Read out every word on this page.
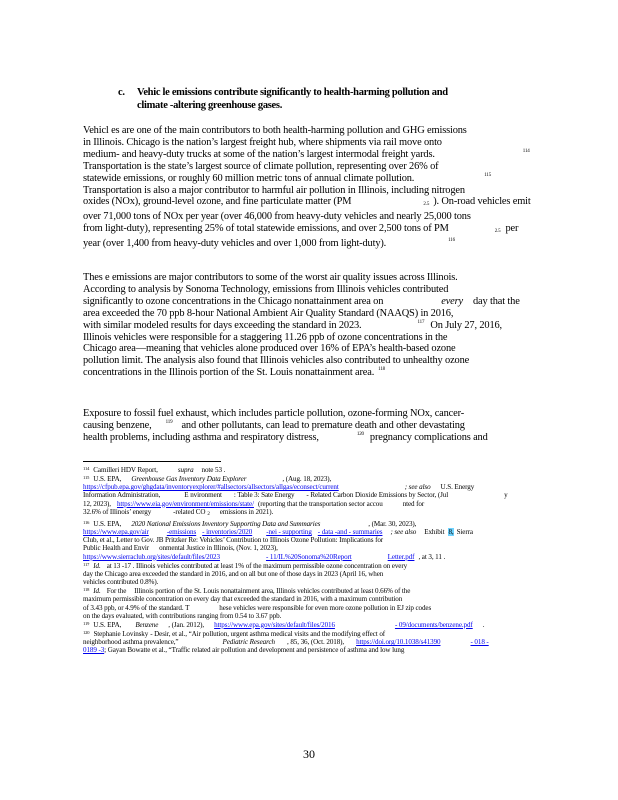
c.	Vehic le emissions contribute significantly to health-harming pollution and
climate -altering greenhouse gases.
Vehicl es are one of the main contributors to both health-harming pollution and GHG emissions
in Illinois. Chicago is the nation’s largest freight hub, where shipments via rail move onto
medium- and heavy-duty trucks at some of the nation’s largest intermodal freight yards.	$^{114}$
Transportation is the state’s largest source of climate pollution, representing over 26% of
statewide emissions, or roughly 60 million metric tons of annual climate pollution.	$^{115}$
Transportation is also a major contributor to harmful air pollution in Illinois, including nitrogen
oxides (NOx), ground-level ozone, and fine particulate matter (PM	$_{2.5}$ ). On-road vehicles emit
over 71,000 tons of NOx per year (over 46,000 from heavy-duty vehicles and nearly 25,000 tons
from light-duty), representing 25% of total statewide emissions, and over 2,500 tons of PM	$_{2.5}$ per
year (over 1,400 from heavy-duty vehicles and over 1,000 from light-duty).	$^{116}$
Thes e emissions are major contributors to some of the worst air quality issues across Illinois.
According to analysis by Sonoma Technology, emissions from Illinois vehicles contributed
significantly to ozone concentrations in the Chicago nonattainment area on	every day that the
area exceeded the 70 ppb 8-hour National Ambient Air Quality Standard (NAAQS) in 2016,
with similar modeled results for days exceeding the standard in 2023.	$^{117}$ On July 27, 2016,
Illinois vehicles were responsible for a staggering 11.26 ppb of ozone concentrations in the
Chicago area—meaning that vehicles alone produced over 16% of EPA’s health-based ozone
pollution limit. The analysis also found that Illinois vehicles also contributed to unhealthy ozone
concentrations in the Illinois portion of the St. Louis nonattainment area. $^{118}$
Exposure to fossil fuel exhaust, which includes particle pollution, ozone-forming NOx, cancer-
causing benzene,	$^{119}$ and other pollutants, can lead to premature death and other devastating
health problems, including asthma and respiratory distress,	$^{120}$ pregnancy complications and
$^{114}$ Camilleri HDV Report,	supra note 53 .
$^{115}$ U.S. EPA, Greenhouse Gas Inventory Data Explorer	, (Aug. 18, 2023),
https://cfpub.epa.gov/ghgdata/inventoryexplorer/#allsectors/allsectors/allgas/econsect/current	; see also U.S. Energy
Information Administration,	E nvironment : Table 3: Sate Energy - Related Carbon Dioxide Emissions by Sector, (Jul	y
12, 2023), https://www.eia.gov/environment/emissions/state/ (reporting that the transportation sector accou	nted for
32.6% of Illinois’ energy	-related CO $_2$ emissions in 2021).
$^{116}$ U.S. EPA, 2020 National Emissions Inventory Supporting Data and Summaries	, (Mar. 30, 2023),
https://www.epa.gov/air	-emissions - inventories/2020 -nei - supporting - data -and - summaries ; see also Exhibit 8, Sierra
Club, et al., Letter to Gov. JB Pritzker Re: Vehicles’ Contribution to Illinois Ozone Pollution: Implications for
Public Health and Envir onmental Justice in Illinois, (Nov. 1, 2023),
https://www.sierraclub.org/sites/default/files/2023	- 11/IL%20Sonoma%20Report	Letter.pdf , at 3, 11 .
$^{117}$ Id. at 13 -17 . Illinois vehicles contributed at least 1% of the maximum permissible ozone concentration on every
day the Chicago area exceeded the standard in 2016, and on all but one of those days in 2023 (April 16, when
vehicles contributed 0.8%).
$^{118}$ Id. For the Illinois portion of the St. Louis nonattainment area, Illinois vehicles contributed at least 0.66% of the
maximum permissible concentration on every day that exceeded the standard in 2016, with a maximum contribution
of 3.43 ppb, or 4.9% of the standard. T	hese vehicles were responsible for even more ozone pollution in EJ zip codes
on the days evaluated, with contributions ranging from 0.54 to 3.67 ppb.
$^{119}$ U.S. EPA, Benzene , (Jan. 2012), https://www.epa.gov/sites/default/files/2016	- 09/documents/benzene.pdf .
$^{120}$ Stephanie Lovinsky - Desir, et al., “Air pollution, urgent asthma medical visits and the modifying effect of
neighborhood asthma prevalence,”	Pediatric Research , 85, 36, (Oct. 2018), https://doi.org/10.1038/s41390	- 018 -
0189 -3; Gayan Bowatte et al., “Traffic related air pollution and development and persistence of asthma and low lung
30
